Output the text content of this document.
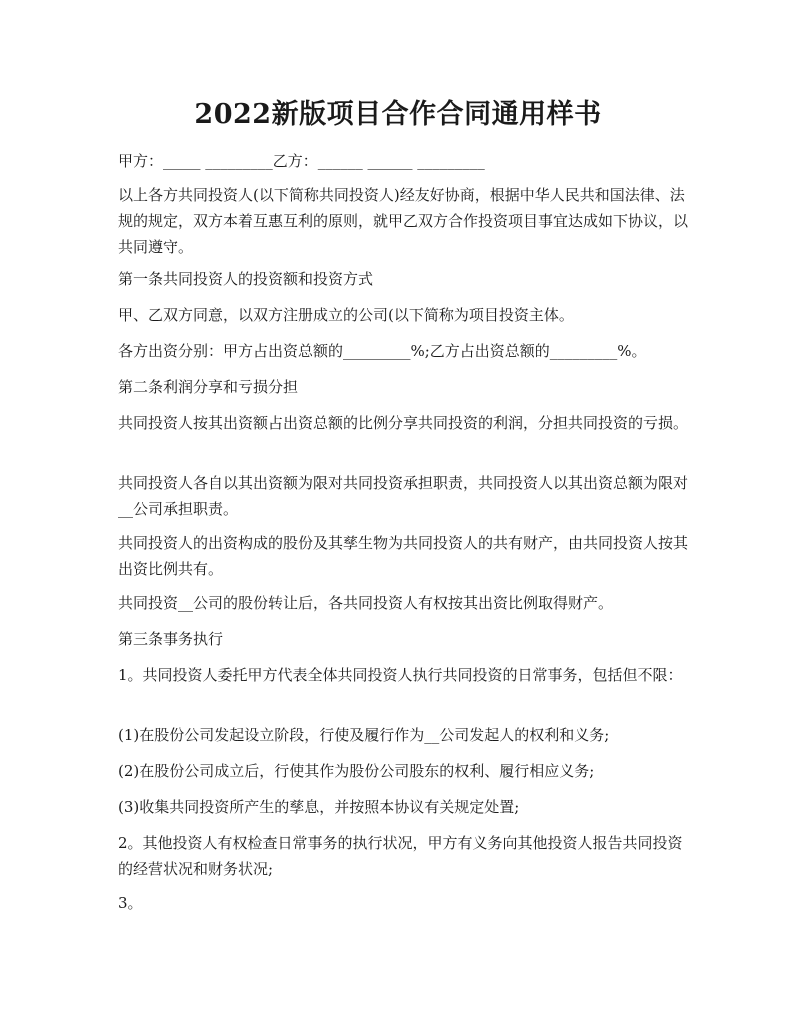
2022新版项目合作合同通用样书
甲方：_____ _________乙方：______ ______ _________
以上各方共同投资人(以下简称共同投资人)经友好协商，根据中华人民共和国法律、法规的规定，双方本着互惠互利的原则，就甲乙双方合作投资项目事宜达成如下协议，以共同遵守。
第一条共同投资人的投资额和投资方式
甲、乙双方同意，以双方注册成立的公司(以下简称为项目投资主体。
各方出资分别：甲方占出资总额的_________%;乙方占出资总额的_________%。
第二条利润分享和亏损分担
共同投资人按其出资额占出资总额的比例分享共同投资的利润，分担共同投资的亏损。
共同投资人各自以其出资额为限对共同投资承担职责，共同投资人以其出资总额为限对__公司承担职责。
共同投资人的出资构成的股份及其孳生物为共同投资人的共有财产，由共同投资人按其出资比例共有。
共同投资__公司的股份转让后，各共同投资人有权按其出资比例取得财产。
第三条事务执行
1。共同投资人委托甲方代表全体共同投资人执行共同投资的日常事务，包括但不限：
(1)在股份公司发起设立阶段，行使及履行作为__公司发起人的权利和义务;
(2)在股份公司成立后，行使其作为股份公司股东的权利、履行相应义务;
(3)收集共同投资所产生的孳息，并按照本协议有关规定处置;
2。其他投资人有权检查日常事务的执行状况，甲方有义务向其他投资人报告共同投资的经营状况和财务状况;
3。
